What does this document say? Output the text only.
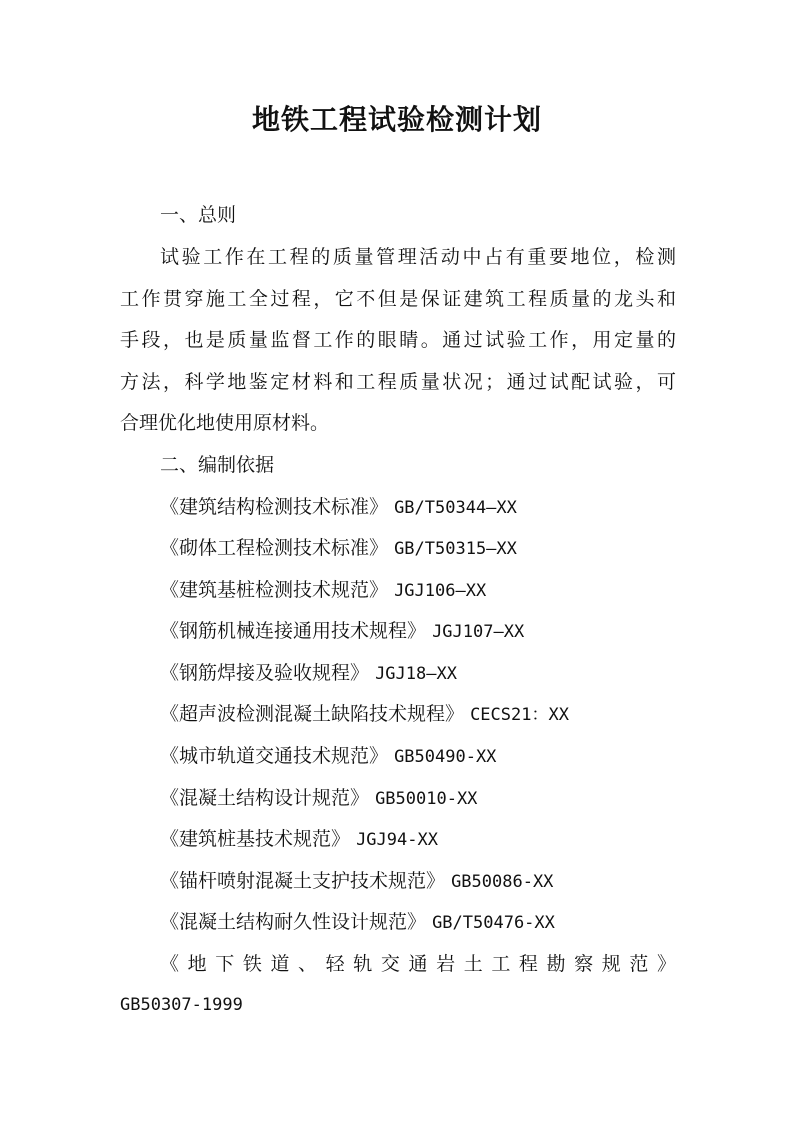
地铁工程试验检测计划
一、总则
试验工作在工程的质量管理活动中占有重要地位，检测
工作贯穿施工全过程，它不但是保证建筑工程质量的龙头和
手段，也是质量监督工作的眼睛。通过试验工作，用定量的
方法，科学地鉴定材料和工程质量状况；通过试配试验，可
合理优化地使用原材料。
二、编制依据
《建筑结构检测技术标准》 GB/T50344—XX
《砌体工程检测技术标准》 GB/T50315—XX
《建筑基桩检测技术规范》 JGJ106—XX
《钢筋机械连接通用技术规程》 JGJ107—XX
《钢筋焊接及验收规程》 JGJ18—XX
《超声波检测混凝土缺陷技术规程》 CECS21：XX
《城市轨道交通技术规范》 GB50490-XX
《混凝土结构设计规范》 GB50010-XX
《建筑桩基技术规范》 JGJ94-XX
《锚杆喷射混凝土支护技术规范》 GB50086-XX
《混凝土结构耐久性设计规范》 GB/T50476-XX
《地下铁道、轻轨交通岩土工程勘察规范》
GB50307-1999
